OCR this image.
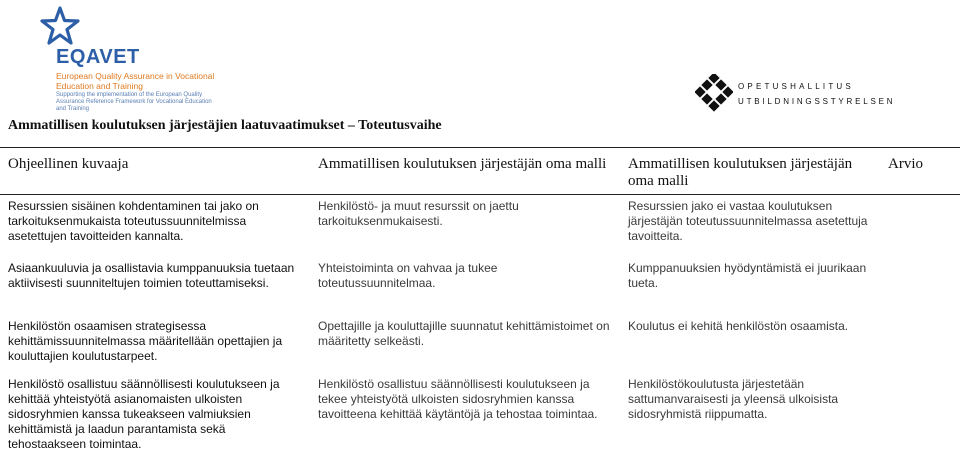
EQAVET
European Quality Assurance in Vocational Education and Training
Supporting the implementation of the European Quality Assurance Reference Framework for Vocational Education and Training
OPETUSHALLITUS
UTBILDNINGSSTYRELSEN
Ammatillisen koulutuksen järjestäjien laatuvaatimukset – Toteutusvaihe
Ohjeellinen kuvaaja	Ammatillisen koulutuksen järjestäjän oma malli	Ammatillisen koulutuksen järjestäjän oma malli	Arvio
Resurssien sisäinen kohdentaminen tai jako on tarkoituksenmukaista toteutussuunnitelmissa asetettujen tavoitteiden kannalta.	Henkilöstö- ja muut resurssit on jaettu tarkoituksenmukaisesti.	Resurssien jako ei vastaa koulutuksen järjestäjän toteutussuunnitelmassa asetettuja tavoitteita.	
Asiaankuuluvia ja osallistavia kumppanuuksia tuetaan aktiivisesti suunniteltujen toimien toteuttamiseksi.	Yhteistoiminta on vahvaa ja tukee toteutussuunnitelmaa.	Kumppanuuksien hyödyntämistä ei juurikaan tueta.	
Henkilöstön osaamisen strategisessa kehittämissuunnitelmassa määritellään opettajien ja kouluttajien koulutustarpeet.	Opettajille ja kouluttajille suunnatut kehittämistoimet on määritetty selkeästi.	Koulutus ei kehitä henkilöstön osaamista.	
Henkilöstö osallistuu säännöllisesti koulutukseen ja kehittää yhteistyötä asianomaisten ulkoisten sidosryhmien kanssa tukeakseen valmiuksien kehittämistä ja laadun parantamista sekä tehostaakseen toimintaa.	Henkilöstö osallistuu säännöllisesti koulutukseen ja tekee yhteistyötä ulkoisten sidosryhmien kanssa tavoitteena kehittää käytäntöjä ja tehostaa toimintaa.	Henkilöstökoulutusta järjestetään sattumanvaraisesti ja yleensä ulkoisista sidosryhmistä riippumatta.	
